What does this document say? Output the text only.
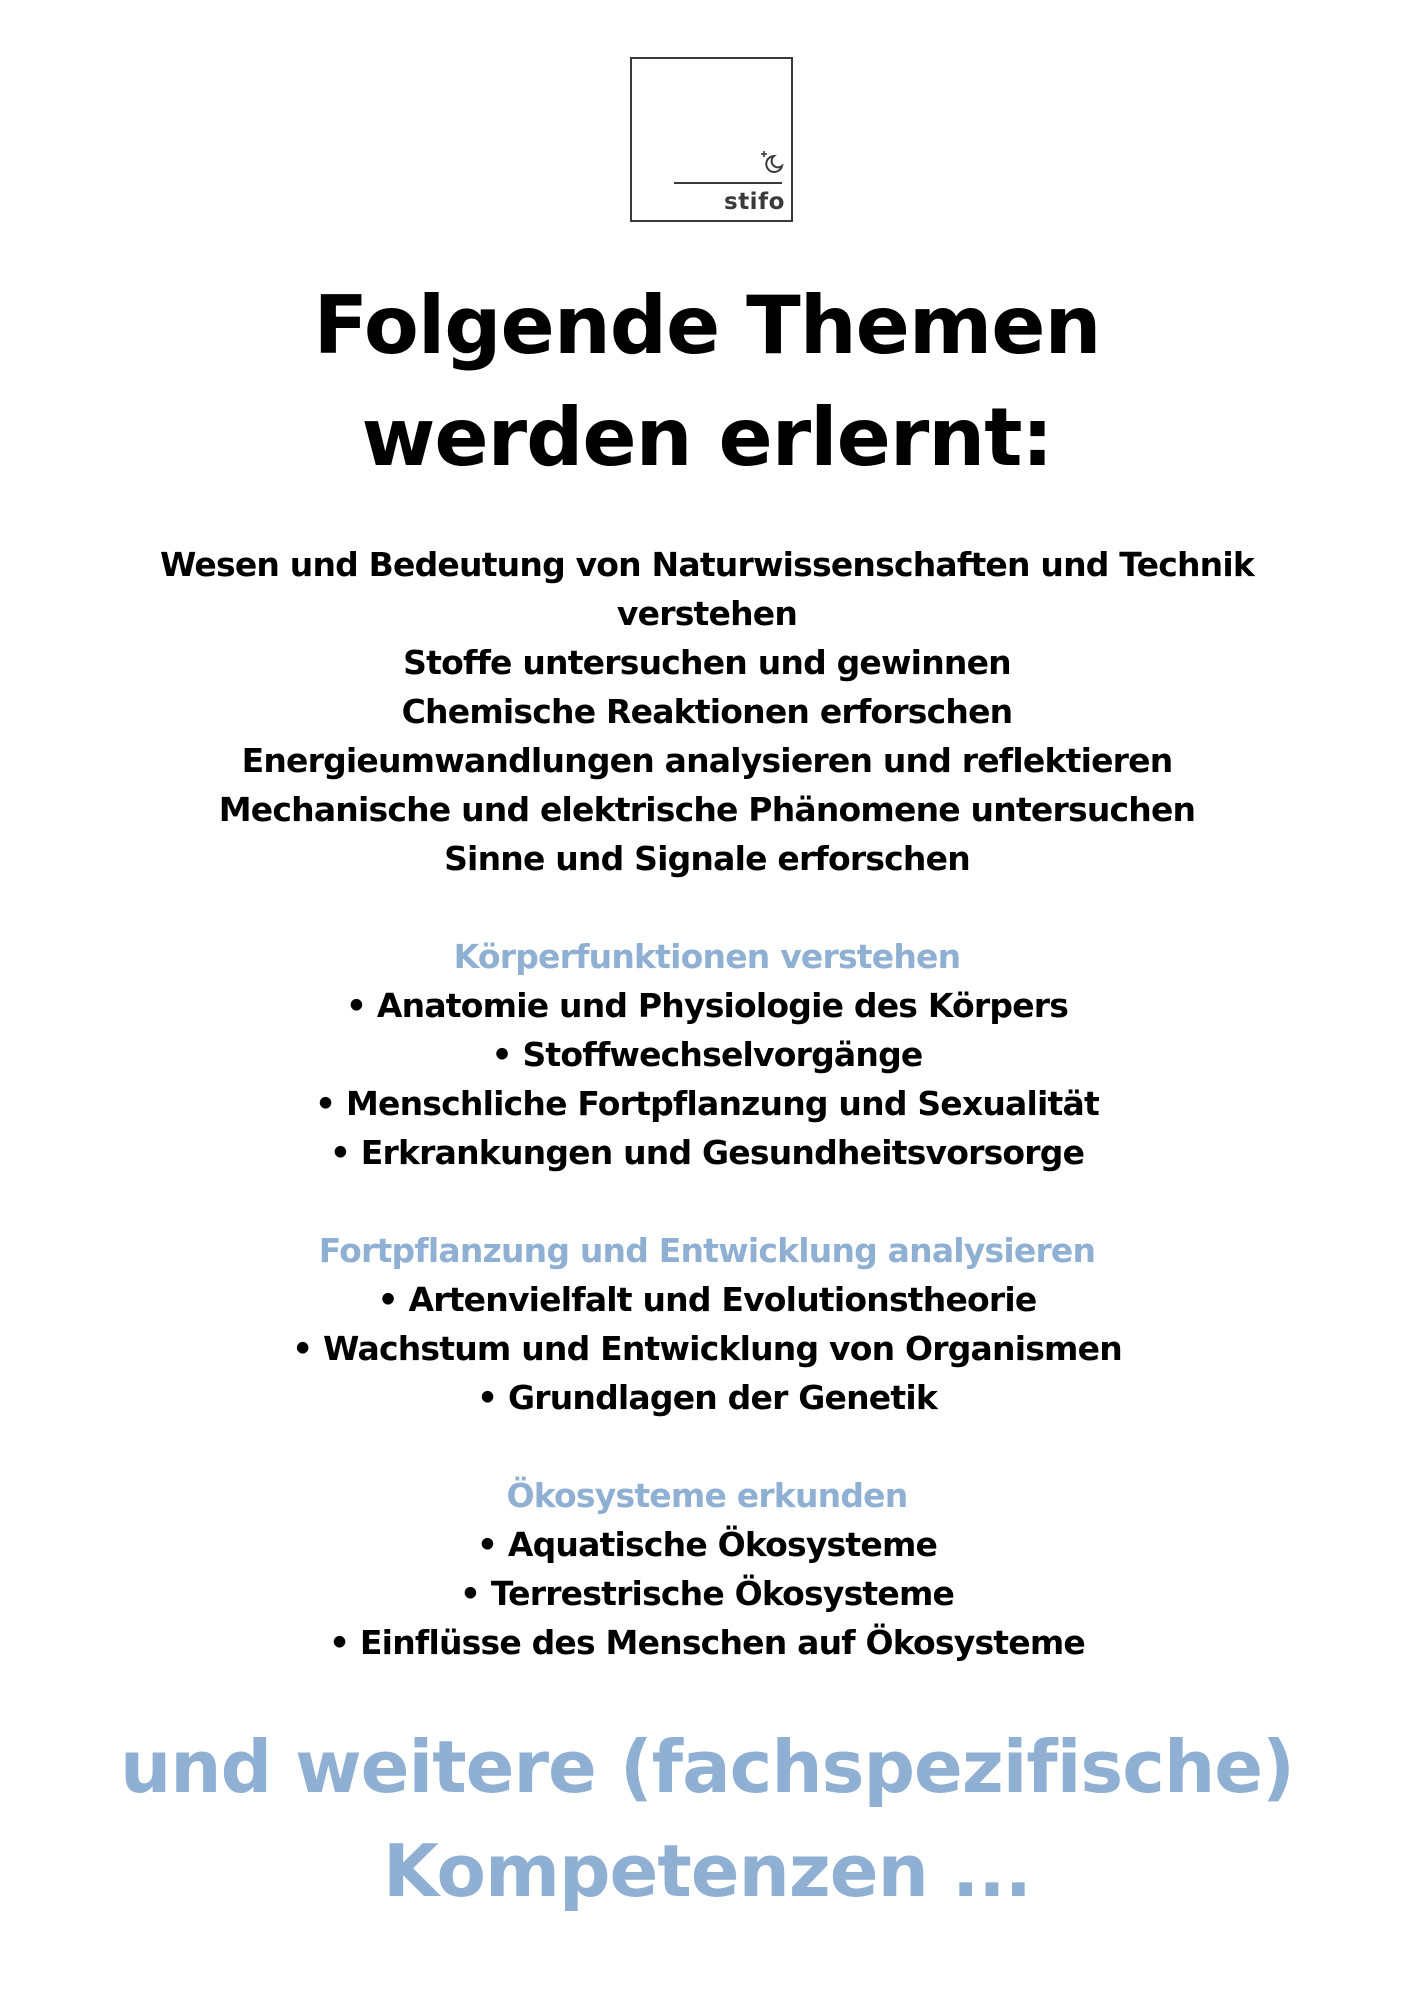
stifo
Folgende Themen
werden erlernt:
Wesen und Bedeutung von Naturwissenschaften und Technik
verstehen
Stoffe untersuchen und gewinnen
Chemische Reaktionen erforschen
Energieumwandlungen analysieren und reflektieren
Mechanische und elektrische Phänomene untersuchen
Sinne und Signale erforschen
Körperfunktionen verstehen
• Anatomie und Physiologie des Körpers
• Stoffwechselvorgänge
• Menschliche Fortpflanzung und Sexualität
• Erkrankungen und Gesundheitsvorsorge
Fortpflanzung und Entwicklung analysieren
• Artenvielfalt und Evolutionstheorie
• Wachstum und Entwicklung von Organismen
• Grundlagen der Genetik
Ökosysteme erkunden
• Aquatische Ökosysteme
• Terrestrische Ökosysteme
• Einflüsse des Menschen auf Ökosysteme
und weitere (fachspezifische)
Kompetenzen ...
